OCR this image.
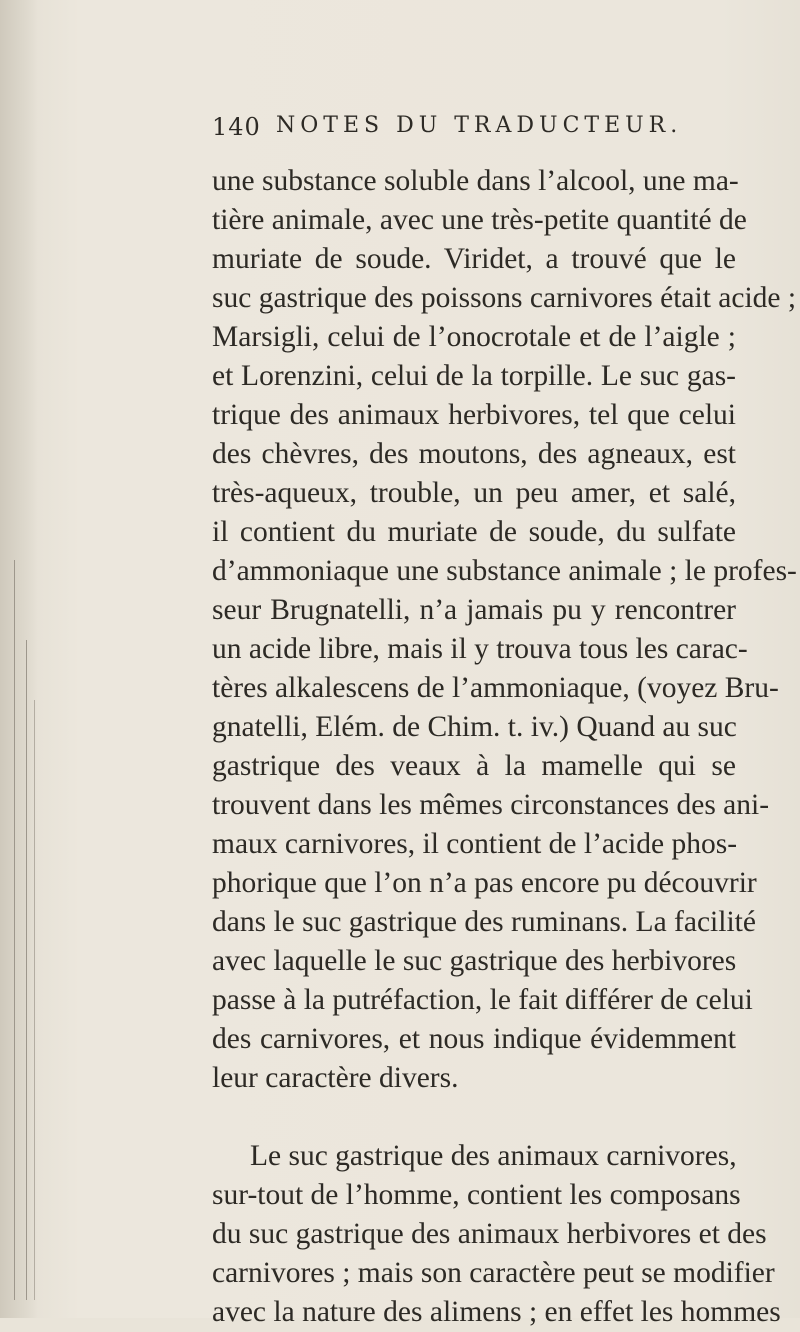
140 NOTES DU TRADUCTEUR.
une substance soluble dans l’alcool, une ma-
tière animale, avec une très-petite quantité de
muriate de soude. Viridet, a trouvé que le
suc gastrique des poissons carnivores était acide ;
Marsigli, celui de l’onocrotale et de l’aigle ;
et Lorenzini, celui de la torpille. Le suc gas-
trique des animaux herbivores, tel que celui
des chèvres, des moutons, des agneaux, est
très-aqueux, trouble, un peu amer, et salé,
il contient du muriate de soude, du sulfate
d’ammoniaque une substance animale ; le profes-
seur Brugnatelli, n’a jamais pu y rencontrer
un acide libre, mais il y trouva tous les carac-
tères alkalescens de l’ammoniaque, (voyez Bru-
gnatelli, Elém. de Chim. t. iv.) Quand au suc
gastrique des veaux à la mamelle qui se
trouvent dans les mêmes circonstances des ani-
maux carnivores, il contient de l’acide phos-
phorique que l’on n’a pas encore pu découvrir
dans le suc gastrique des ruminans. La facilité
avec laquelle le suc gastrique des herbivores
passe à la putréfaction, le fait différer de celui
des carnivores, et nous indique évidemment
leur caractère divers.
Le suc gastrique des animaux carnivores,
sur-tout de l’homme, contient les composans
du suc gastrique des animaux herbivores et des
carnivores ; mais son caractère peut se modifier
avec la nature des alimens ; en effet les hommes
